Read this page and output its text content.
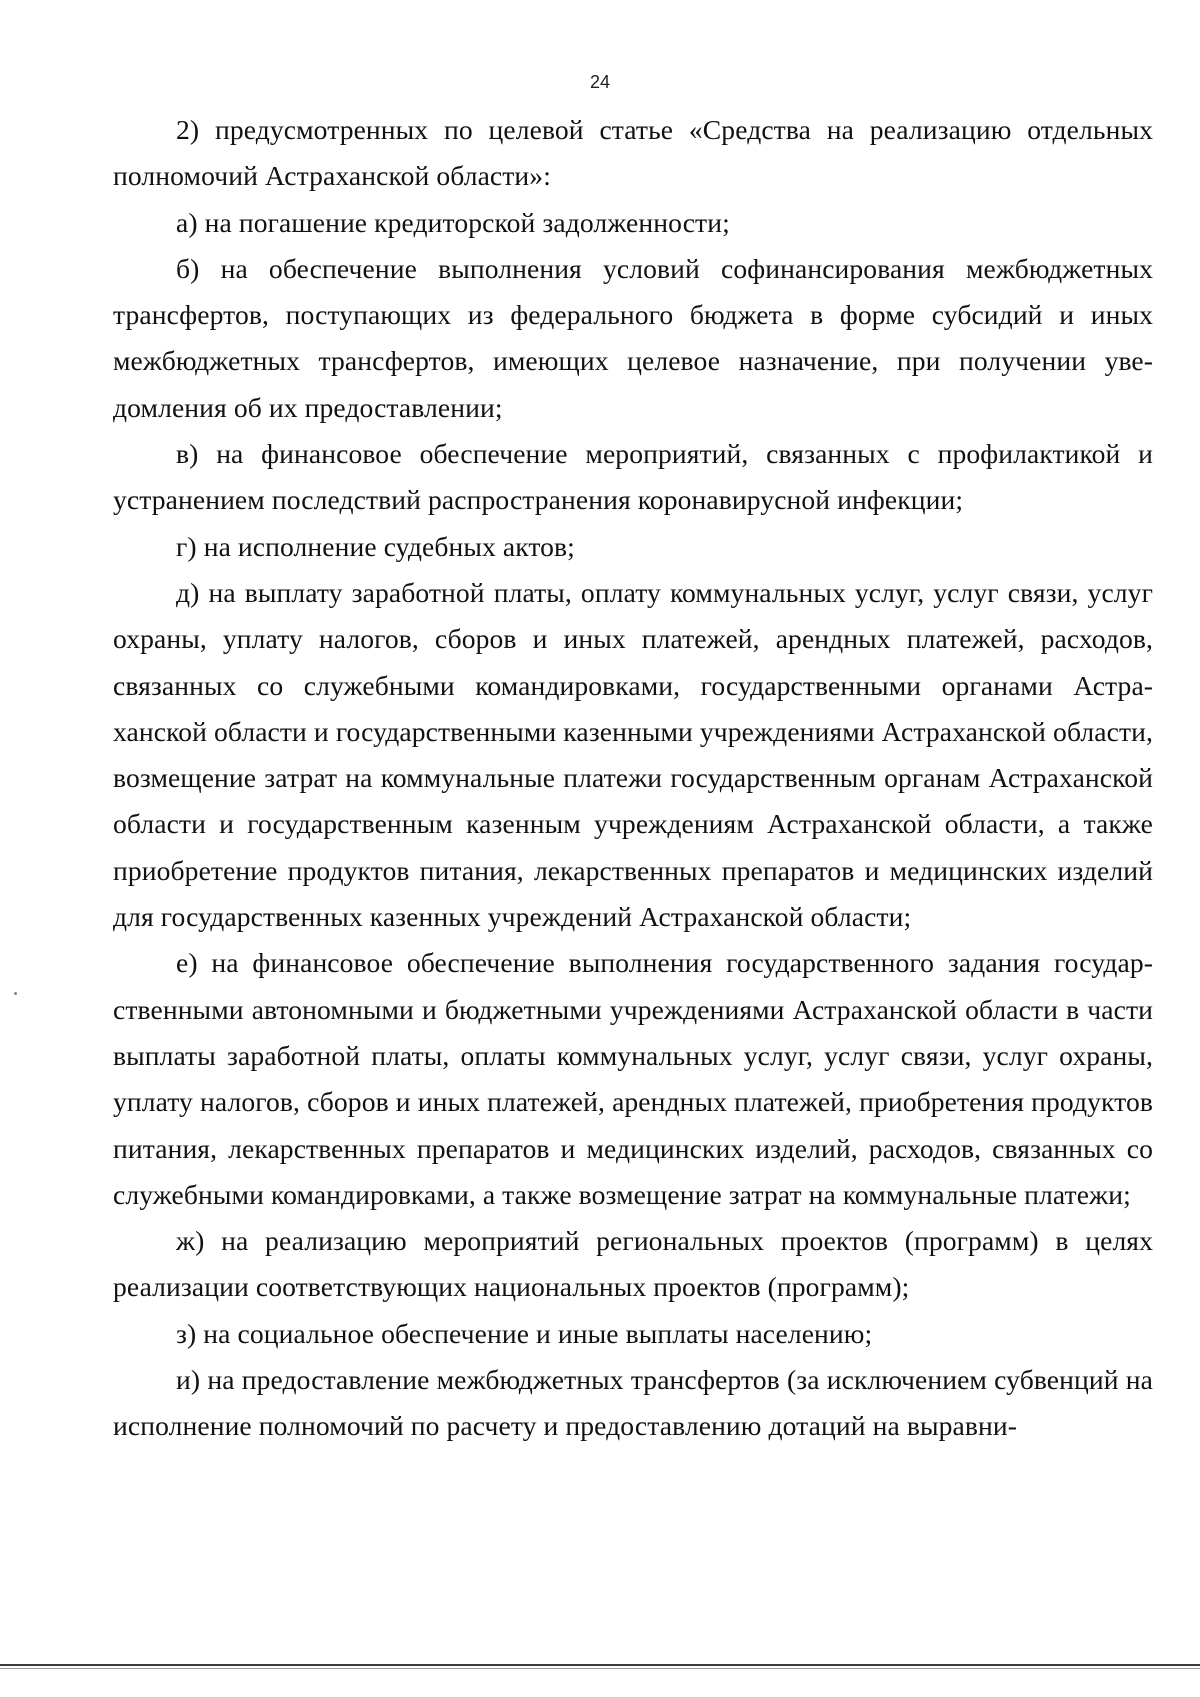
24

2) предусмотренных по целевой статье «Средства на реализацию отдельных полномочий Астраханской области»:

а) на погашение кредиторской задолженности;

б) на обеспечение выполнения условий софинансирования межбюджетных трансфертов, поступающих из федерального бюджета в форме субсидий и иных межбюджетных трансфертов, имеющих целевое назначение, при получении уведомления об их предоставлении;

в) на финансовое обеспечение мероприятий, связанных с профилактикой и устранением последствий распространения коронавирусной инфекции;

г) на исполнение судебных актов;

д) на выплату заработной платы, оплату коммунальных услуг, услуг связи, услуг охраны, уплату налогов, сборов и иных платежей, арендных платежей, расходов, связанных со служебными командировками, государственными органами Астраханской области и государственными казенными учреждениями Астраханской области, возмещение затрат на коммунальные платежи государственным органам Астраханской области и государственным казенным учреждениям Астраханской области, а также приобретение продуктов питания, лекарственных препаратов и медицинских изделий для государственных казенных учреждений Астраханской области;

е) на финансовое обеспечение выполнения государственного задания государственными автономными и бюджетными учреждениями Астраханской области в части выплаты заработной платы, оплаты коммунальных услуг, услуг связи, услуг охраны, уплату налогов, сборов и иных платежей, арендных платежей, приобретения продуктов питания, лекарственных препаратов и медицинских изделий, расходов, связанных со служебными командировками, а также возмещение затрат на коммунальные платежи;

ж) на реализацию мероприятий региональных проектов (программ) в целях реализации соответствующих национальных проектов (программ);

з) на социальное обеспечение и иные выплаты населению;

и) на предоставление межбюджетных трансфертов (за исключением субвенций на исполнение полномочий по расчету и предоставлению дотаций на выравни-
